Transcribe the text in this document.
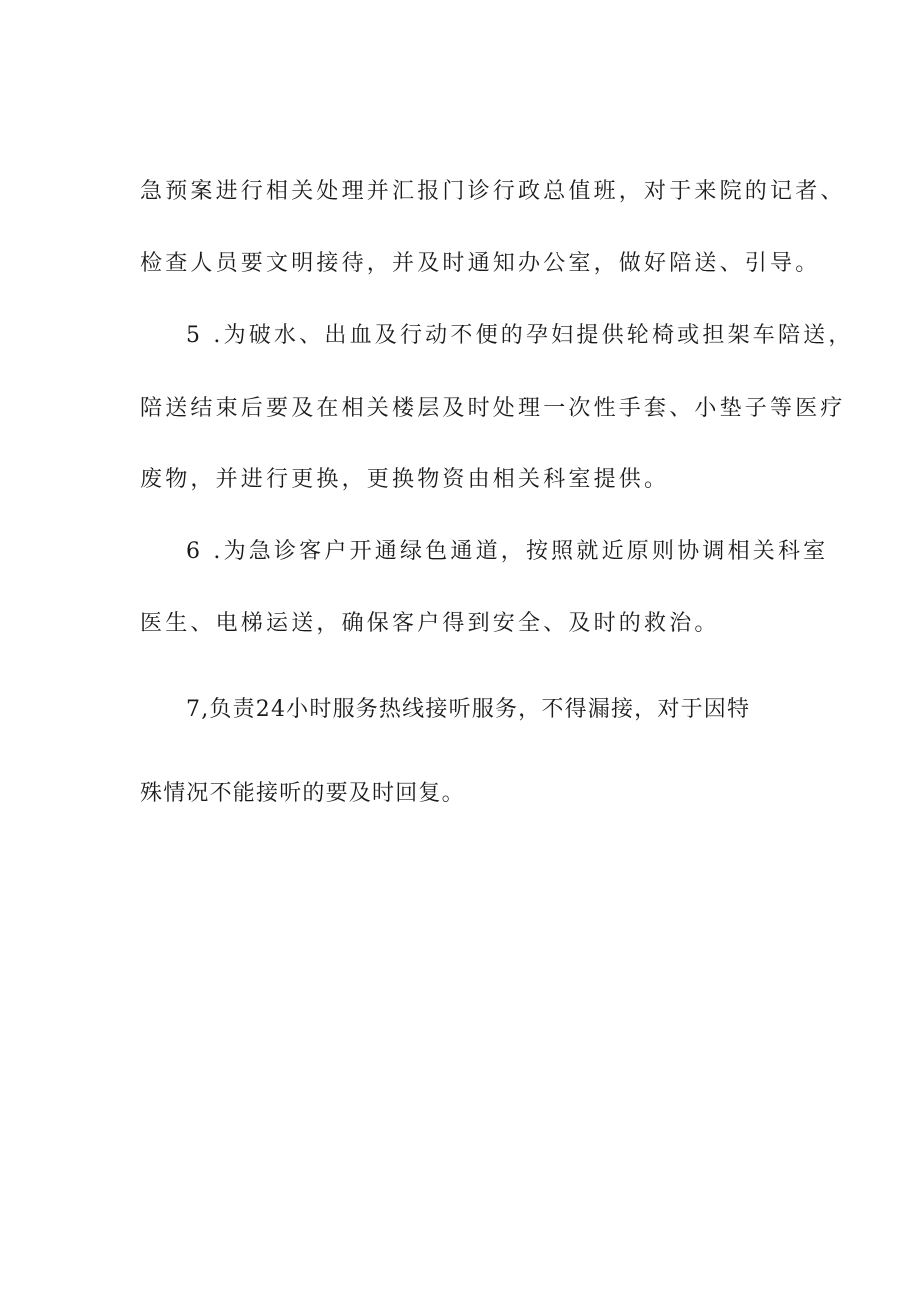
急预案进行相关处理并汇报门诊行政总值班，对于来院的记者、
检查人员要文明接待，并及时通知办公室，做好陪送、引导。
5 .为破水、出血及行动不便的孕妇提供轮椅或担架车陪送，
陪送结束后要及在相关楼层及时处理一次性手套、小垫子等医疗
废物，并进行更换，更换物资由相关科室提供。
6 .为急诊客户开通绿色通道，按照就近原则协调相关科室
医生、电梯运送，确保客户得到安全、及时的救治。
7,负责24小时服务热线接听服务，不得漏接，对于因特
殊情况不能接听的要及时回复。
